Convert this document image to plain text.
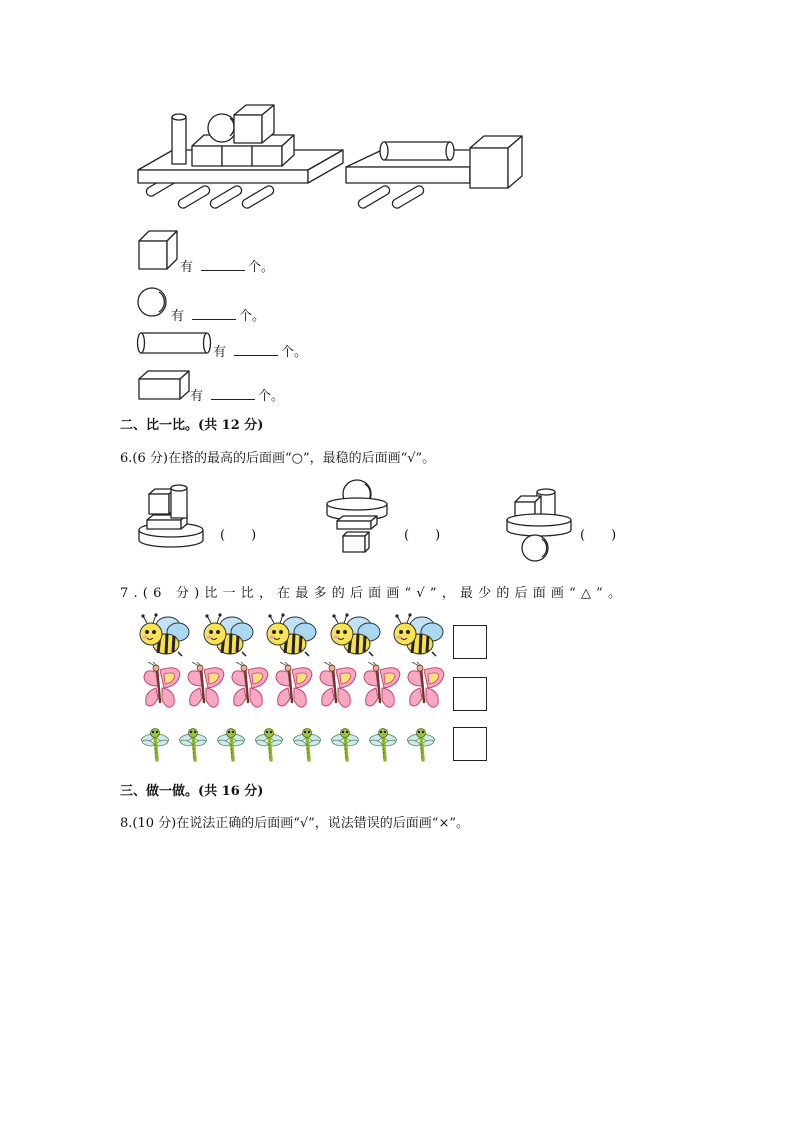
有	个。
有	个。
有	个。
有	个。
二、比一比。(共 12 分)
6.(6 分)在搭的最高的后面画“○”，最稳的后面画“√”。
(　　)	(　　)	(　　)
7.(6 分)比一比，在最多的后面画“√”，最少的后面画“△”。
三、做一做。(共 16 分)
8.(10 分)在说法正确的后面画“√”，说法错误的后面画“×”。
